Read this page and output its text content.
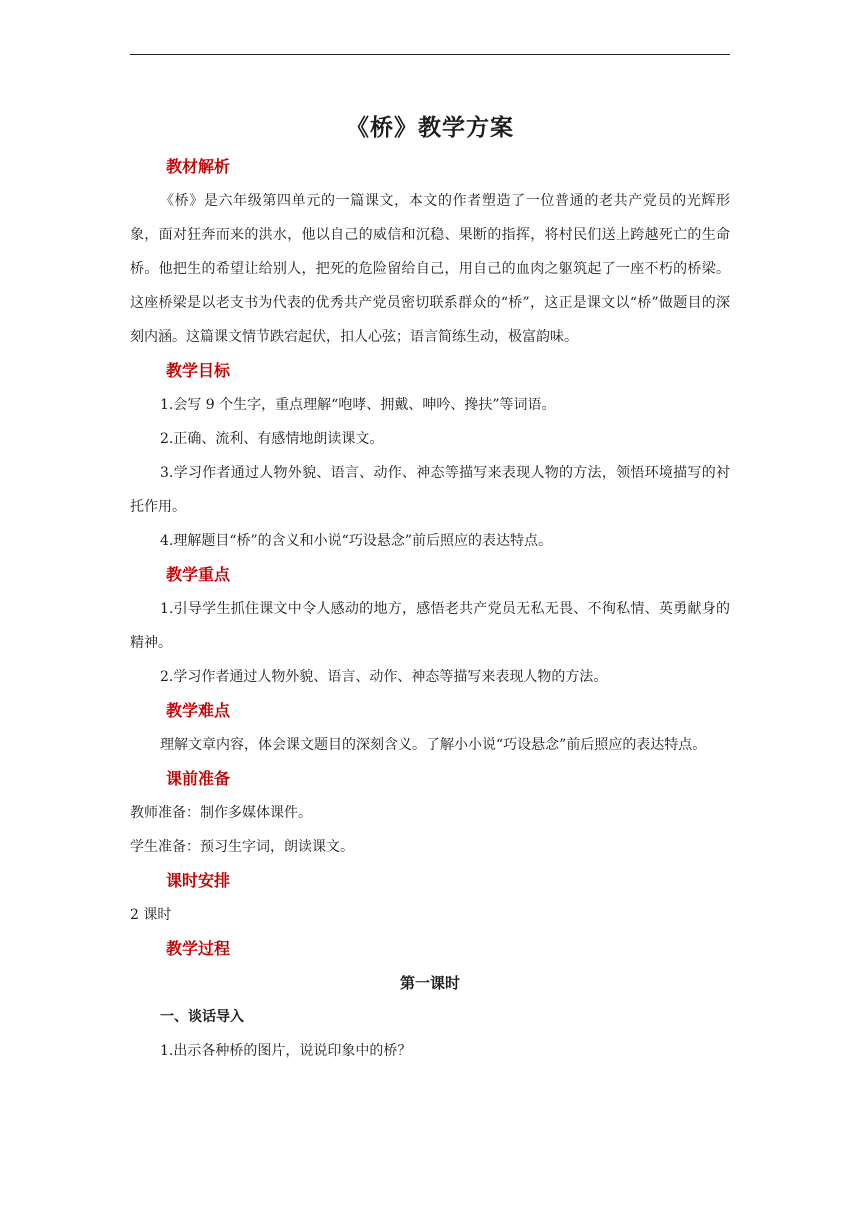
《桥》教学方案
教材解析

《桥》是六年级第四单元的一篇课文，本文的作者塑造了一位普通的老共产党员的光辉形象，面对狂奔而来的洪水，他以自己的威信和沉稳、果断的指挥，将村民们送上跨越死亡的生命桥。他把生的希望让给别人，把死的危险留给自己，用自己的血肉之躯筑起了一座不朽的桥梁。这座桥梁是以老支书为代表的优秀共产党员密切联系群众的“桥”，这正是课文以“桥”做题目的深刻内涵。这篇课文情节跌宕起伏，扣人心弦；语言简练生动，极富韵味。

教学目标

1.会写 9 个生字，重点理解“咆哮、拥戴、呻吟、搀扶”等词语。

2.正确、流利、有感情地朗读课文。

3.学习作者通过人物外貌、语言、动作、神态等描写来表现人物的方法，领悟环境描写的衬托作用。

4.理解题目“桥”的含义和小说“巧设悬念”前后照应的表达特点。

教学重点

1.引导学生抓住课文中令人感动的地方，感悟老共产党员无私无畏、不徇私情、英勇献身的精神。

2.学习作者通过人物外貌、语言、动作、神态等描写来表现人物的方法。

教学难点

理解文章内容，体会课文题目的深刻含义。了解小小说“巧设悬念”前后照应的表达特点。

课前准备

教师准备：制作多媒体课件。

学生准备：预习生字词，朗读课文。

课时安排

2 课时

教学过程
第一课时
一、谈话导入

1.出示各种桥的图片，说说印象中的桥？
